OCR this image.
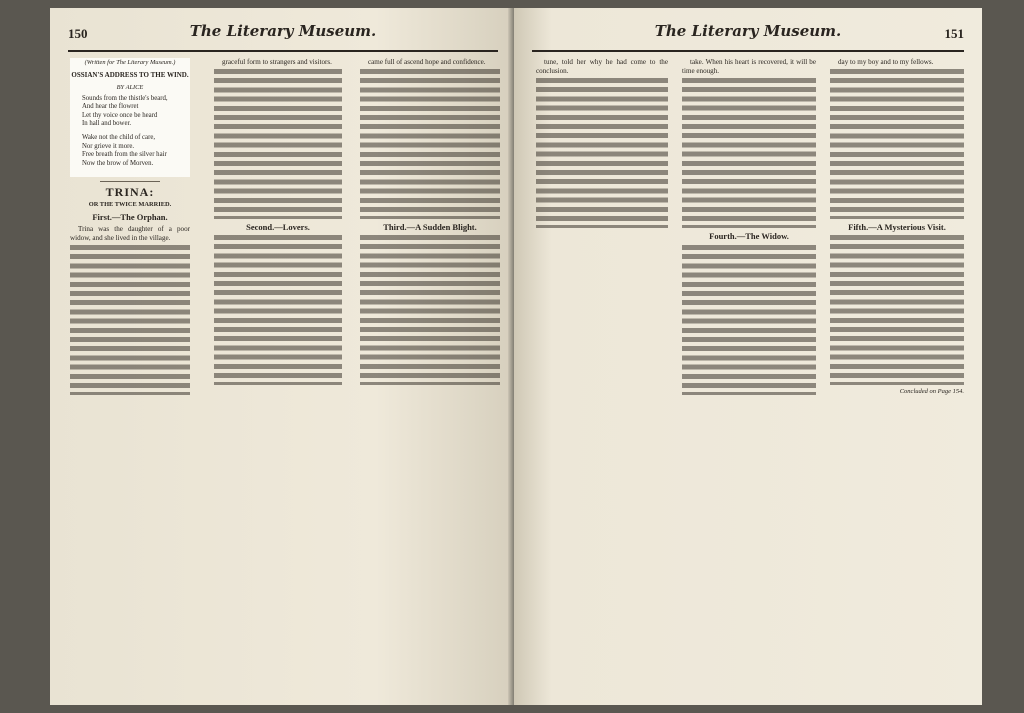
150	The Literary Museum.
(Written for The Literary Museum.)
OSSIAN'S ADDRESS TO THE WIND.
BY ALICE
Sounds from the thistle's beard,
And hear the flowret
Let thy voice once be heard
In hall and bower.
Wake not the child of care,
Nor grieve it more.
Free breath from the silver hair
Now the brow of Morven.
TRINA:
OR THE TWICE MARRIED.
First.—The Orphan.

Trina was the daughter of a poor widow, and she lived in the village.

graceful form to strangers and visitors.

Second.—Lovers.

came full of ascend hope and confidence.

Third.—A Sudden Blight.
The Literary Museum.	151

tune, told her why he had come to the conclusion.

take. When his heart is recovered, it will be time enough.

Fourth.—The Widow.

day to my boy and to my fellows.

Fifth.—A Mysterious Visit.
Concluded on Page 154.
